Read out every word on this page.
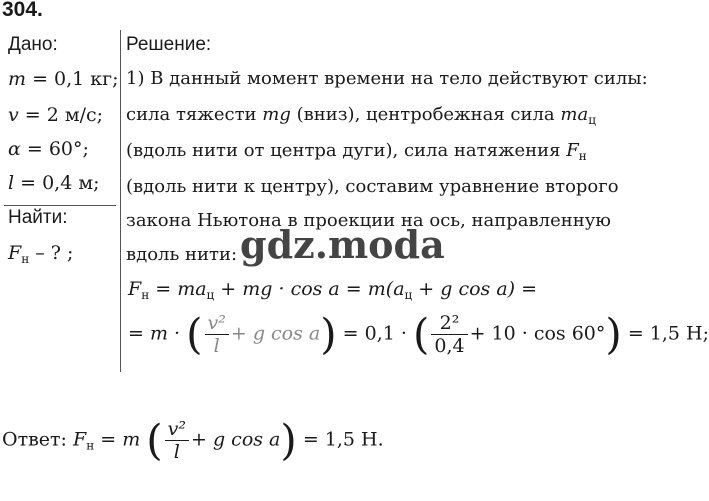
304.
Дано:
m = 0,1 кг;
v = 2 м/с;
α = 60°;
l = 0,4 м;
Найти:
$F_н$ – ? ;
Решение:
1) В данный момент времени на тело действуют силы:
сила тяжести mg (вниз), центробежная сила $ma_ц$
(вдоль нити от центра дуги), сила натяжения $F_н$
(вдоль нити к центру), составим уравнение второго
закона Ньютона в проекции на ось, направленную
вдоль нити: gdz.moda
$F_н = ma_ц$ + mg · $\cos a = m(a_ц + g$ cos a) =
= m · ( $\frac{\text{v²}}{l} + g$ cos a) = 0,1 · ( $\frac{\text{2²}}{0,4} + 10 \cdot \cos 60^\circ) = 1,5$ Н;
Ответ: $F_н = m$ ( $\frac{\text{v²}}{l} + g$ cos a) = 1,5 Н.
